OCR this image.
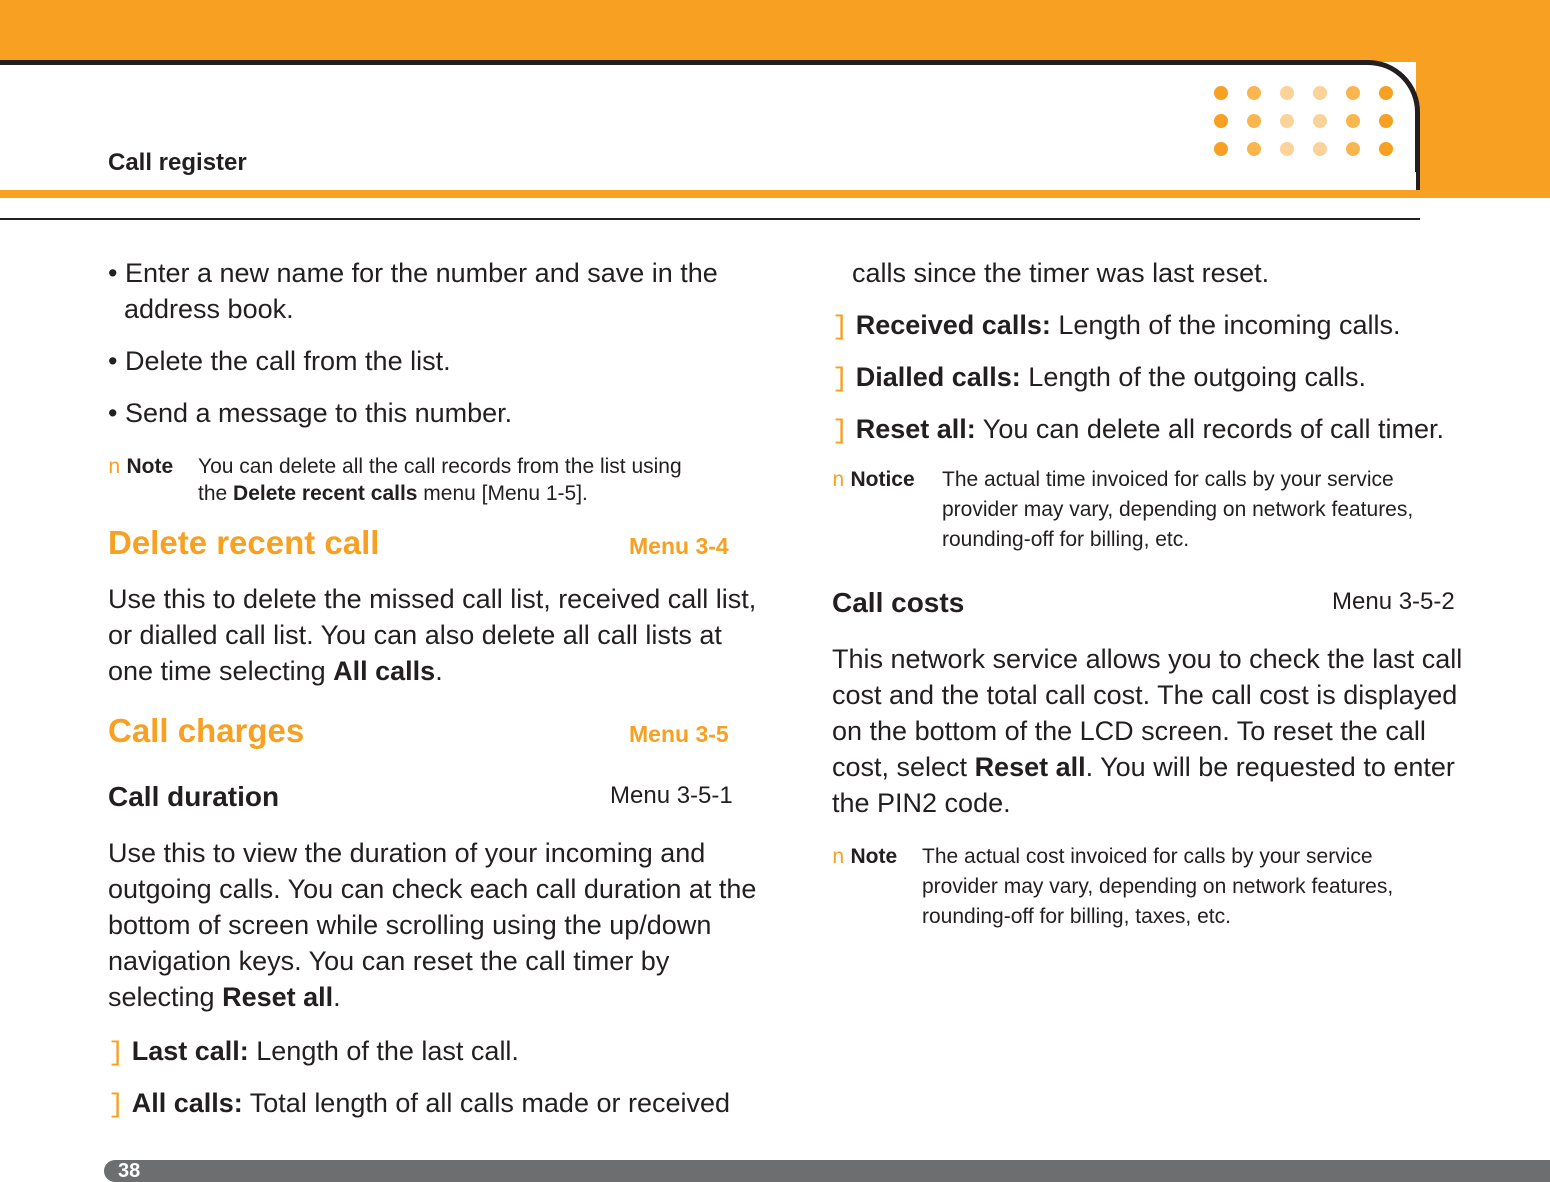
Call register
• Enter a new name for the number and save in the
address book.
• Delete the call from the list.
• Send a message to this number.
n Note You can delete all the call records from the list using
the Delete recent calls menu [Menu 1-5].
Delete recent call	Menu 3-4
Use this to delete the missed call list, received call list,
or dialled call list. You can also delete all call lists at
one time selecting All calls.
Call charges	Menu 3-5
Call duration	Menu 3-5-1
Use this to view the duration of your incoming and
outgoing calls. You can check each call duration at the
bottom of screen while scrolling using the up/down
navigation keys. You can reset the call timer by
selecting Reset all.
] Last call: Length of the last call.
] All calls: Total length of all calls made or received
calls since the timer was last reset.
] Received calls: Length of the incoming calls.
] Dialled calls: Length of the outgoing calls.
] Reset all: You can delete all records of call timer.
n Notice The actual time invoiced for calls by your service
provider may vary, depending on network features,
rounding-off for billing, etc.
Call costs	Menu 3-5-2
This network service allows you to check the last call
cost and the total call cost. The call cost is displayed
on the bottom of the LCD screen. To reset the call
cost, select Reset all. You will be requested to enter
the PIN2 code.
n Note The actual cost invoiced for calls by your service
provider may vary, depending on network features,
rounding-off for billing, taxes, etc.
38
